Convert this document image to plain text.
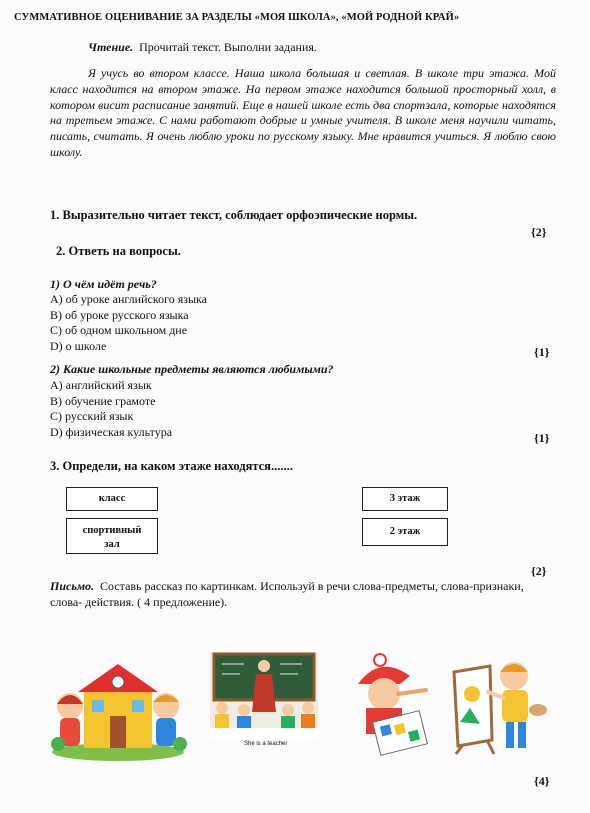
СУММАТИВНОЕ ОЦЕНИВАНИЕ ЗА РАЗДЕЛЫ «МОЯ ШКОЛА», «МОЙ РОДНОЙ КРАЙ»
Чтение. Прочитай текст. Выполни задания.
Я учусь во втором классе. Наша школа большая и светлая. В школе три этажа. Мой класс находится на втором этаже. На первом этаже находится большой просторный холл, в котором висит расписание занятий. Еще в нашей школе есть два спортзала, которые находятся на третьем этаже. С нами работают добрые и умные учителя. В школе меня научили читать, писать, считать. Я очень люблю уроки по русскому языку. Мне нравится учиться. Я люблю свою школу.
1. Выразительно читает текст, соблюдает орфоэпические нормы.
{2}
2. Ответь на вопросы.
1) О чём идёт речь?
А) об уроке английского языка
В) об уроке русского языка
С) об одном школьном дне
D) о школе	{1}
2) Какие школьные предметы являются любимыми?
А) английский язык
В) обучение грамоте
С) русский язык
D) физическая культура	{1}
3. Определи, на каком этаже находятся.......
класс
спортивный зал
3 этаж
2 этаж
{2}
Письмо. Составь рассказ по картинкам. Используй в речи слова-предметы, слова-признаки, слова- действия. ( 4 предложение).
She is a teacher
{4}
